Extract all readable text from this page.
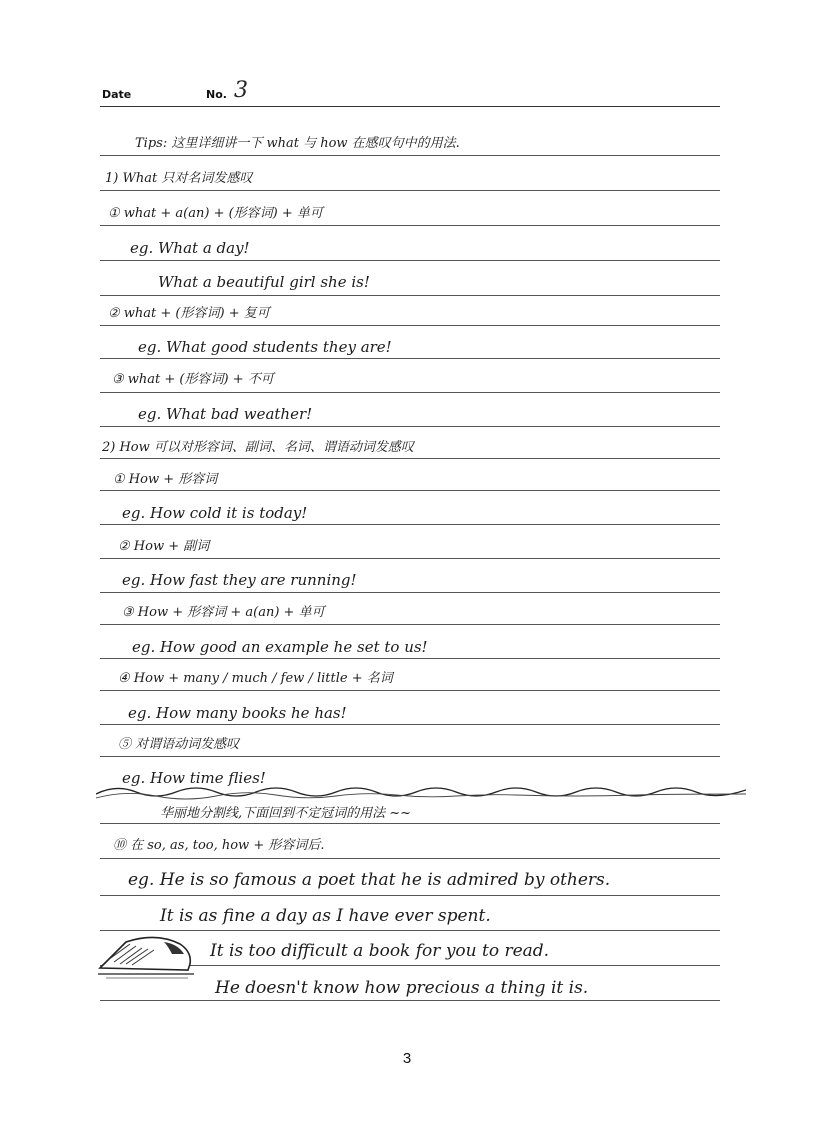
Date	No. 3
Tips: 这里详细讲一下 what 与 how 在感叹句中的用法.
1) What 只对名词发感叹
① what + a(an) + (形容词) + 单可
eg. What a day!
What a beautiful girl she is!
② what + (形容词) + 复可
eg. What good students they are!
③ what + (形容词) + 不可
eg. What bad weather!
2) How 可以对形容词、副词、名词、谓语动词发感叹
① How + 形容词
eg. How cold it is today!
② How + 副词
eg. How fast they are running!
③ How + 形容词 + a(an) + 单可
eg. How good an example he set to us!
④ How + many / much / few / little + 名词
eg. How many books he has!
⑤ 对谓语动词发感叹
eg. How time flies!
华丽地分割线,下面回到不定冠词的用法 ~~
⑩ 在 so, as, too, how + 形容词后.
eg. He is so famous a poet that he is admired by others.
It is as fine a day as I have ever spent.
It is too difficult a book for you to read.
He doesn't know how precious a thing it is.
3
